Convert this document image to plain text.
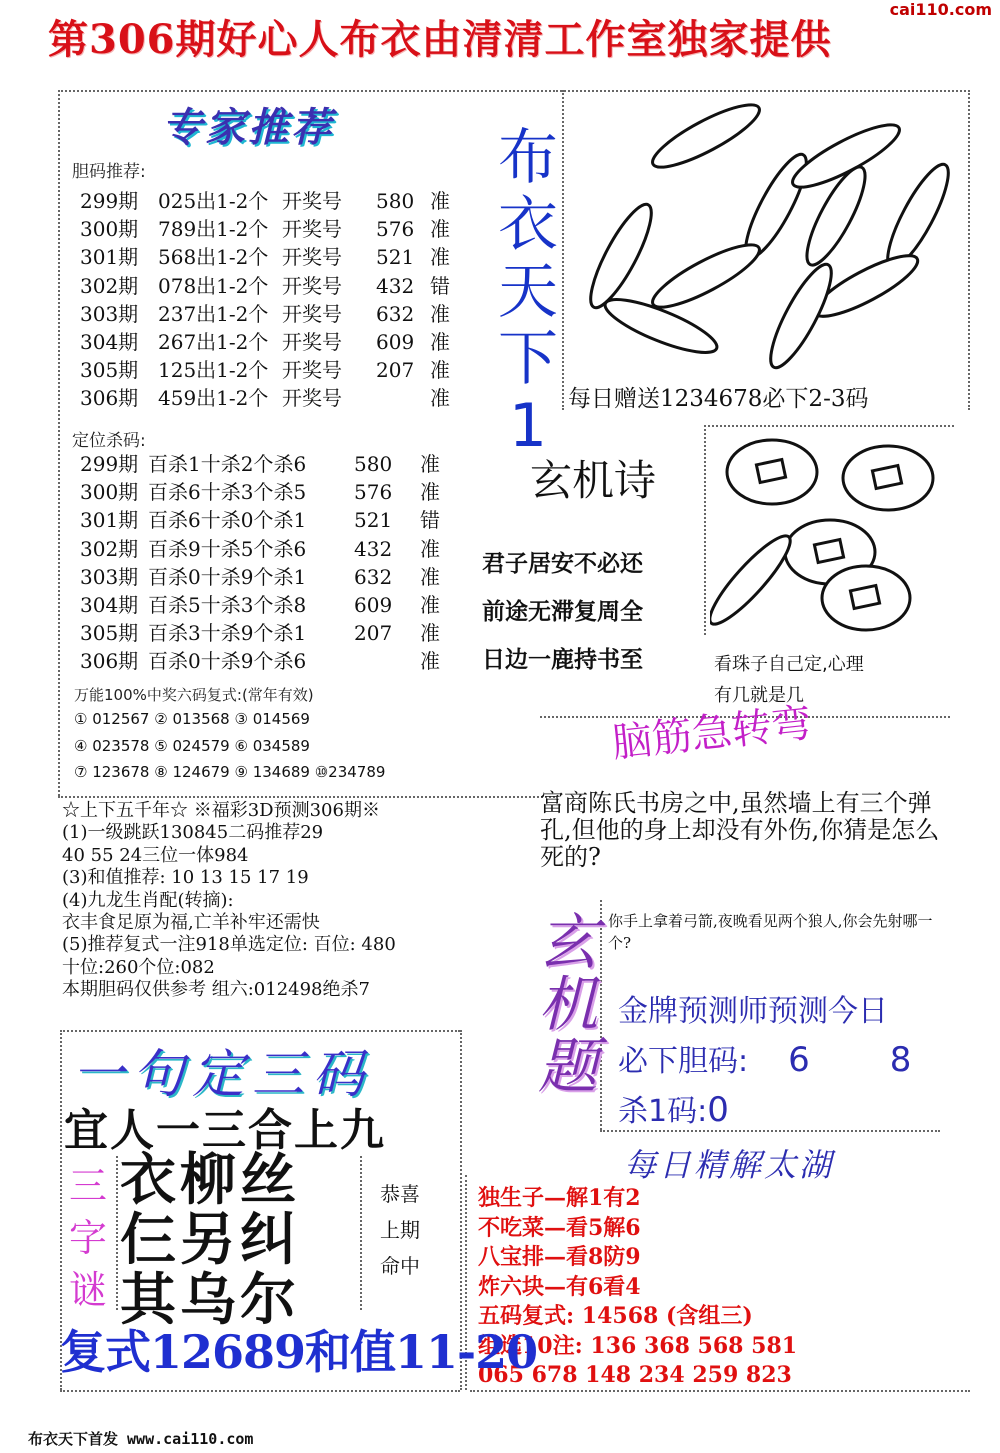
第306期好心人布衣由清清工作室独家提供
cai110.com
专家推荐
胆码推荐:
299期 025出1-2个 开奖号 580 准
300期 789出1-2个 开奖号 576 准
301期 568出1-2个 开奖号 521 准
302期 078出1-2个 开奖号 432 错
303期 237出1-2个 开奖号 632 准
304期 267出1-2个 开奖号 609 准
305期 125出1-2个 开奖号 207 准
306期 459出1-2个 开奖号	准
定位杀码:
299期 百杀1十杀2个杀6 580 准
300期 百杀6十杀3个杀5 576 准
301期 百杀6十杀0个杀1 521 错
302期 百杀9十杀5个杀6 432 准
303期 百杀0十杀9个杀1 632 准
304期 百杀5十杀3个杀8 609 准
305期 百杀3十杀9个杀1 207 准
306期 百杀0十杀9个杀6	准
万能100%中奖六码复式:(常年有效)
① 012567 ② 013568 ③ 014569
④ 023578 ⑤ 024579 ⑥ 034589
⑦ 123678 ⑧ 124679 ⑨ 134689 ⑩234789
☆上下五千年☆ ※福彩3D预测306期※
(1)一级跳跃130845二码推荐29
40 55 24三位一体984
(3)和值推荐: 10 13 15 17 19
(4)九龙生肖配(转摘):
衣丰食足原为福,亡羊补牢还需快
(5)推荐复式一注918单选定位: 百位: 480
十位:260个位:082
本期胆码仅供参考 组六:012498绝杀7
布
衣
天
下
1 每日赠送1234678必下2-3码
玄机诗
君子居安不必还
前途无滞复周全
日边一鹿持书至	看珠子自己定,心理
有几就是几
脑筋急转弯
富商陈氏书房之中,虽然墙上有三个弹孔,但他的身上却没有外伤,你猜是怎么死的?
玄
机
题
你手上拿着弓箭,夜晚看见两个狼人,你会先射哪一个?
金牌预测师预测今日
必下胆码: 6 8
杀1码:0
每日精解太湖
独生子—解1有2
不吃菜—看5解6
八宝排—看8防9
炸六块—有6看4
五码复式: 14568 (含组三)
组选10注: 136 368 568 581
065 678 148 234 259 823
一句定三码
宜人一三合上九
三
字
谜
衣柳丝
仨另纠
其乌尔
恭喜
上期
命中
复式12689和值11-20
布衣天下首发 www.cai110.com
